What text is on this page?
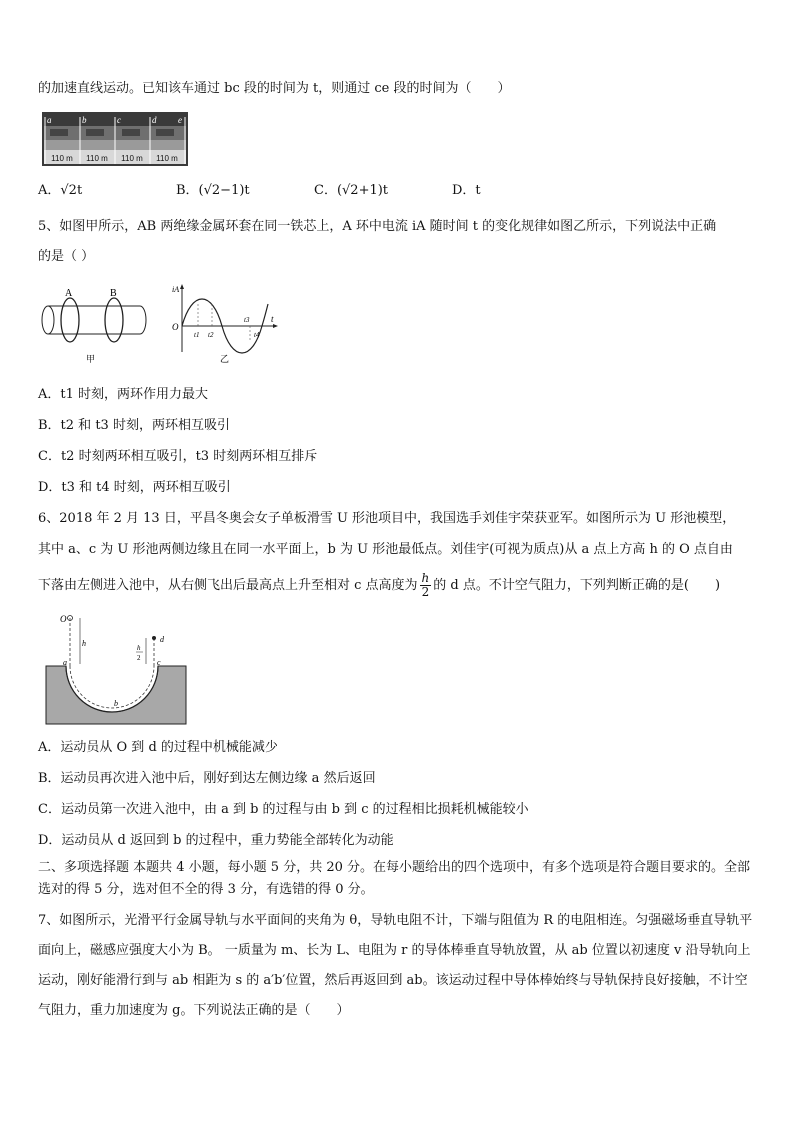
的加速直线运动。已知该车通过 bc 段的时间为 t，则通过 ce 段的时间为（　　）
a	b	c	d e
110 m 110 m 110 m 110 m
A．√2t	B．(√2−1)t	C．(√2+1)t	D．t
5、如图甲所示，AB 两绝缘金属环套在同一铁芯上，A 环中电流 iA 随时间 t 的变化规律如图乙所示，下列说法中正确
的是（ ）
A	B
甲
iA
t
O
t1 t2
t3
t4
乙
A．t1 时刻，两环作用力最大
B．t2 和 t3 时刻，两环相互吸引
C．t2 时刻两环相互吸引，t3 时刻两环相互排斥
D．t3 和 t4 时刻，两环相互吸引
6、2018 年 2 月 13 日，平昌冬奥会女子单板滑雪 U 形池项目中，我国选手刘佳宇荣获亚军。如图所示为 U 形池模型，
其中 a、c 为 U 形池两侧边缘且在同一水平面上，b 为 U 形池最低点。刘佳宇(可视为质点)从 a 点上方高 h 的 O 点自由
下落由左侧进入池中，从右侧飞出后最高点上升至相对 c 点高度为 $\frac{h}{2}$ 的 d 点。不计空气阻力，下列判断正确的是(　　)
O
h
a	c
d
b
h
2
A．运动员从 O 到 d 的过程中机械能减少
B．运动员再次进入池中后，刚好到达左侧边缘 a 然后返回
C．运动员第一次进入池中，由 a 到 b 的过程与由 b 到 c 的过程相比损耗机械能较小
D．运动员从 d 返回到 b 的过程中，重力势能全部转化为动能
二、多项选择题 本题共 4 小题，每小题 5 分，共 20 分。在每小题给出的四个选项中，有多个选项是符合题目要求的。全部选对的得 5 分，选对但不全的得 3 分，有选错的得 0 分。
7、如图所示，光滑平行金属导轨与水平面间的夹角为 θ，导轨电阻不计，下端与阻值为 R 的电阻相连。匀强磁场垂直导轨平面向上，磁感应强度大小为 B。 一质量为 m、长为 L、电阻为 r 的导体棒垂直导轨放置，从 ab 位置以初速度 v 沿导轨向上运动，刚好能滑行到与 ab 相距为 s 的 a′b′位置，然后再返回到 ab。该运动过程中导体棒始终与导轨保持良好接触，不计空气阻力，重力加速度为 g。下列说法正确的是（　　）
